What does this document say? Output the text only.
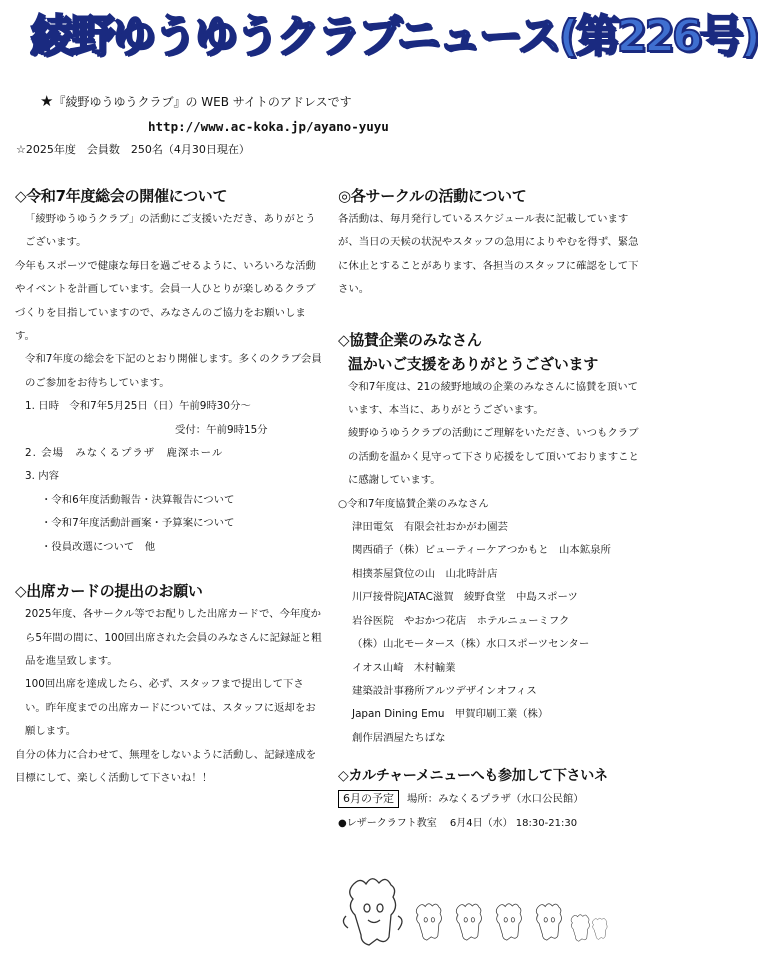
綾野ゆうゆうクラブニュース(第226号)
★『綾野ゆうゆうクラブ』の WEB サイトのアドレスです
http://www.ac-koka.jp/ayano-yuyu
☆2025年度　会員数　250名（4月30日現在）
◇令和7年度総会の開催について

「綾野ゆうゆうクラブ」の活動にご支援いただき、ありがとうございます。

今年もスポーツで健康な毎日を過ごせるように、いろいろな活動やイベントを計画しています。会員一人ひとりが楽しめるクラブづくりを目指していますので、みなさんのご協力をお願いします。

令和7年度の総会を下記のとおり開催します。多くのクラブ会員のご参加をお待ちしています。

1. 日時　令和7年5月25日（日）午前9時30分～
受付：午前9時15分
2. 会場　みなくるプラザ　鹿深ホール
3. 内容
・令和6年度活動報告・決算報告について
・令和7年度活動計画案・予算案について
・役員改選について　他
◇出席カードの提出のお願い

2025年度、各サークル等でお配りした出席カードで、今年度から5年間の間に、100回出席された会員のみなさんに記録証と粗品を進呈致します。

100回出席を達成したら、必ず、スタッフまで提出して下さい。昨年度までの出席カードについては、スタッフに返却をお願します。

自分の体力に合わせて、無理をしないように活動し、記録達成を目標にして、楽しく活動して下さいね！！

◎各サークルの活動について

各活動は、毎月発行しているスケジュール表に記載していますが、当日の天候の状況やスタッフの急用によりやむを得ず、緊急に休止とすることがあります、各担当のスタッフに確認をして下さい。

◇協賛企業のみなさん
温かいご支援をありがとうございます

令和7年度は、21の綾野地域の企業のみなさんに協賛を頂いています、本当に、ありがとうございます。

綾野ゆうゆうクラブの活動にご理解をいただき、いつもクラブの活動を温かく見守って下さり応援をして頂いておりますことに感謝しています。

○令和7年度協賛企業のみなさん
津田電気　有限会社おかがわ園芸
関西硝子（株）ビューティーケアつかもと　山本鉱泉所
相撲茶屋貸位の山　山北時計店
川戸接骨院JATAC滋賀　綾野食堂　中島スポーツ
岩谷医院　やおかつ花店　ホテルニューミフク
（株）山北モータース（株）水口スポーツセンター
イオス山崎　木村輸業
建築設計事務所アルツデザインオフィス
Japan Dining Emu　甲賀印刷工業（株）
創作居酒屋たちばな
◇カルチャーメニューへも参加して下さいネ
6月の予定 場所：みなくるプラザ（水口公民館）
●レザークラフト教室　 6月4日（水） 18:30-21:30
